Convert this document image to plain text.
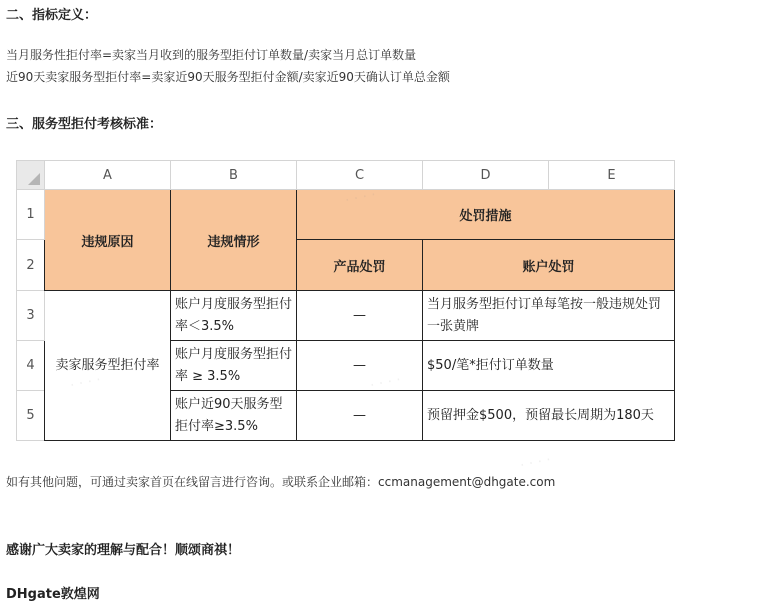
二、指标定义：
当月服务性拒付率=卖家当月收到的服务型拒付订单数量/卖家当月总订单数量
近90天卖家服务型拒付率=卖家近90天服务型拒付金额/卖家近90天确认订单总金额
三、服务型拒付考核标准：
	A	B	C	D	E
1	违规原因	违规情形	处罚措施		
2			产品处罚	账户处罚	
3	卖家服务型拒付率	账户月度服务型拒付率＜3.5%	—	当月服务型拒付订单每笔按一般违规处罚一张黄牌	
4		账户月度服务型拒付率 ≥ 3.5%	—	$50/笔*拒付订单数量	
5		账户近90天服务型拒付率≥3.5%	—	预留押金$500，预留最长周期为180天	
· · · ·
如有其他问题，可通过卖家首页在线留言进行咨询。或联系企业邮箱：ccmanagement@dhgate.com
感谢广大卖家的理解与配合！顺颂商祺！
DHgate敦煌网
